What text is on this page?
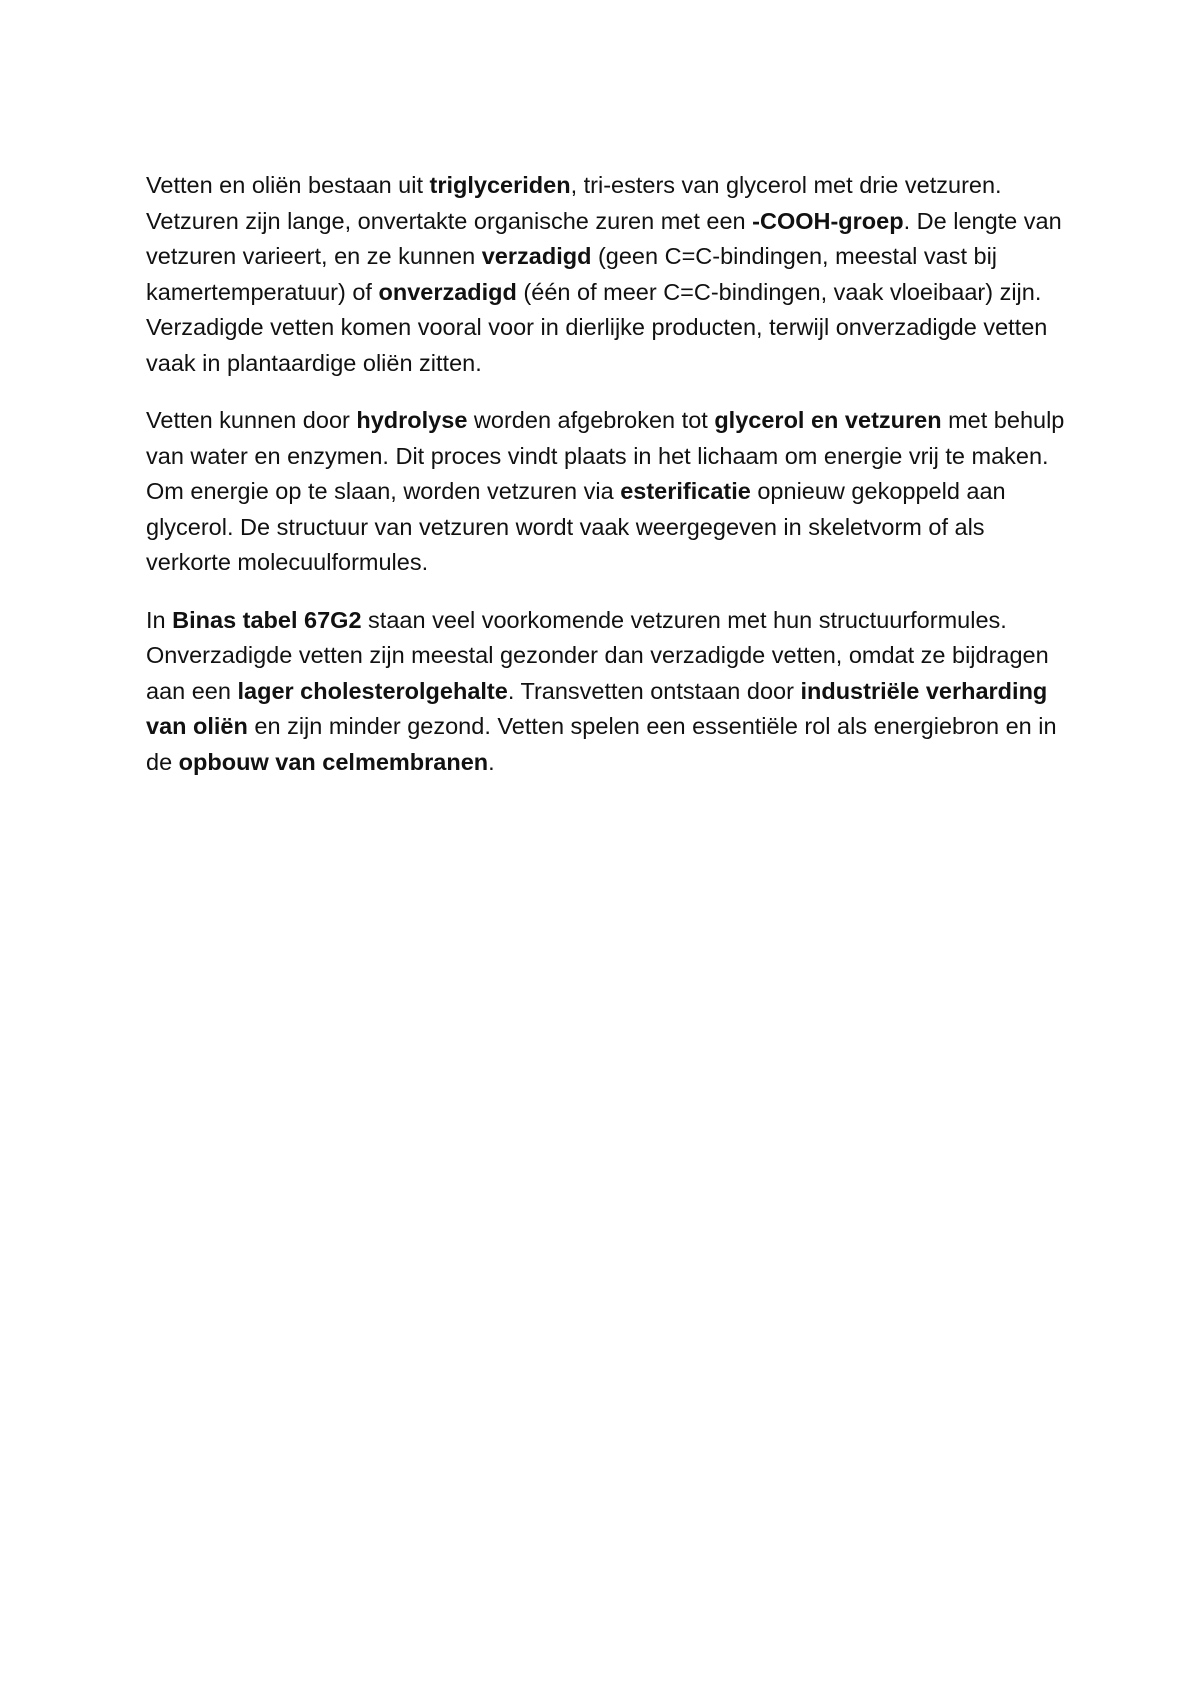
Vetten en oliën bestaan uit triglyceriden, tri-esters van glycerol met drie vetzuren. Vetzuren zijn lange, onvertakte organische zuren met een -COOH-groep. De lengte van vetzuren varieert, en ze kunnen verzadigd (geen C=C-bindingen, meestal vast bij kamertemperatuur) of onverzadigd (één of meer C=C-bindingen, vaak vloeibaar) zijn. Verzadigde vetten komen vooral voor in dierlijke producten, terwijl onverzadigde vetten vaak in plantaardige oliën zitten.

Vetten kunnen door hydrolyse worden afgebroken tot glycerol en vetzuren met behulp van water en enzymen. Dit proces vindt plaats in het lichaam om energie vrij te maken. Om energie op te slaan, worden vetzuren via esterificatie opnieuw gekoppeld aan glycerol. De structuur van vetzuren wordt vaak weergegeven in skeletvorm of als verkorte molecuulformules.

In Binas tabel 67G2 staan veel voorkomende vetzuren met hun structuurformules. Onverzadigde vetten zijn meestal gezonder dan verzadigde vetten, omdat ze bijdragen aan een lager cholesterolgehalte. Transvetten ontstaan door industriële verharding van oliën en zijn minder gezond. Vetten spelen een essentiële rol als energiebron en in de opbouw van celmembranen.
